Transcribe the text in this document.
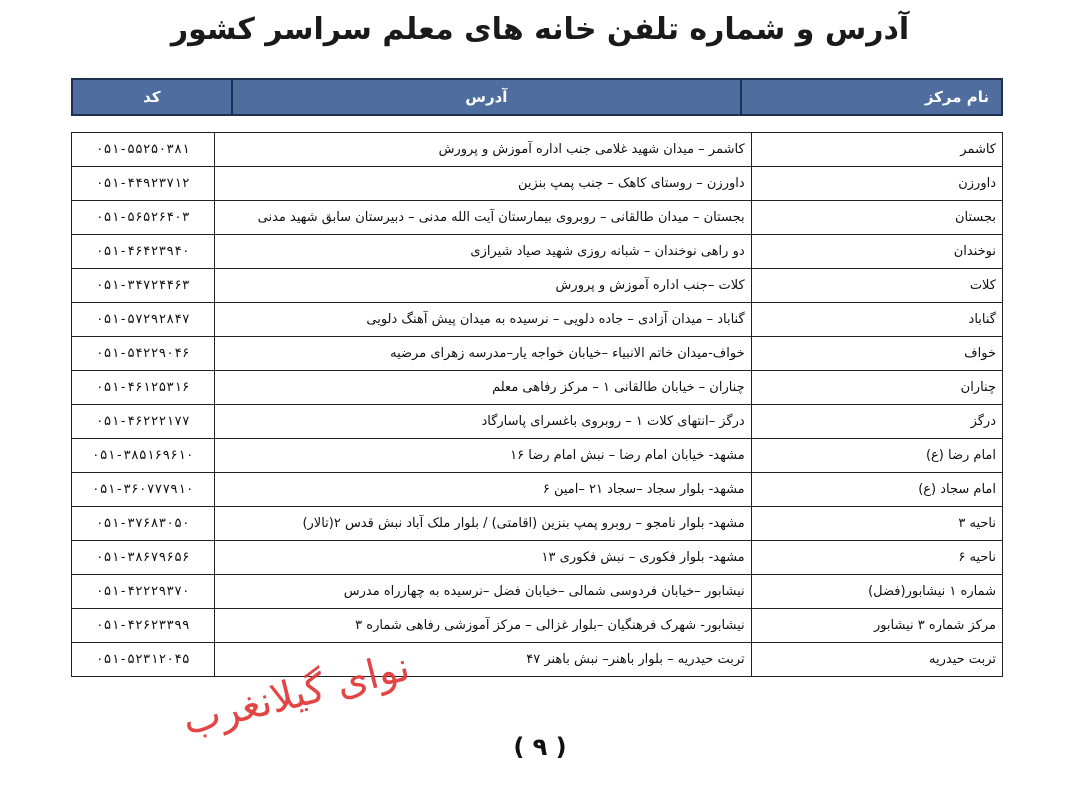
آدرس و شماره تلفن خانه های معلم سراسر کشور
نام مرکز	آدرس	کد
کاشمر	کاشمر – میدان شهید غلامی جنب اداره آموزش و پرورش	۰۵۱-۵۵۲۵۰۳۸۱
داورزن	داورزن – روستای کاهک – جنب پمپ بنزین	۰۵۱-۴۴۹۲۳۷۱۲
بجستان	بجستان – میدان طالقانی – روبروی بیمارستان آیت الله مدنی – دبیرستان سابق شهید مدنی	۰۵۱-۵۶۵۲۶۴۰۳
نوخندان	دو راهی نوخندان – شبانه روزی شهید صیاد شیرازی	۰۵۱-۴۶۴۲۳۹۴۰
کلات	کلات –جنب اداره آموزش و پرورش	۰۵۱-۳۴۷۲۴۴۶۳
گناباد	گناباد – میدان آزادی – جاده دلویی – نرسیده به میدان پیش آهنگ دلویی	۰۵۱-۵۷۲۹۲۸۴۷
خواف	خواف-میدان خاتم الانبیاء –خیابان خواجه یار–مدرسه زهرای مرضیه	۰۵۱-۵۴۲۲۹۰۴۶
چناران	چناران – خیابان طالقانی ۱ – مرکز رفاهی معلم	۰۵۱-۴۶۱۲۵۳۱۶
درگز	درگز –انتهای کلات ۱ – روبروی باغسرای پاسارگاد	۰۵۱-۴۶۲۲۲۱۷۷
امام رضا (ع)	مشهد- خیابان امام رضا – نبش امام رضا ۱۶	۰۵۱-۳۸۵۱۶۹۶۱۰
امام سجاد (ع)	مشهد- بلوار سجاد –سجاد ۲۱ –امین ۶	۰۵۱-۳۶۰۷۷۷۹۱۰
ناحیه ۳	مشهد- بلوار نامجو – روبرو پمپ بنزین (اقامتی) / بلوار ملک آباد نبش قدس ۲(تالار)	۰۵۱-۳۷۶۸۳۰۵۰
ناحیه ۶	مشهد- بلوار فکوری – نبش فکوری ۱۳	۰۵۱-۳۸۶۷۹۶۵۶
شماره ۱ نیشابور(فضل)	نیشابور –خیابان فردوسی شمالی –خیابان فضل –نرسیده به چهارراه مدرس	۰۵۱-۴۲۲۲۹۳۷۰
مرکز شماره ۳ نیشابور	نیشابور- شهرک فرهنگیان –بلوار غزالی – مرکز آموزشی رفاهی شماره ۳	۰۵۱-۴۲۶۲۳۳۹۹
تربت حیدریه	تربت حیدریه – بلوار باهنر– نبش باهنر ۴۷	۰۵۱-۵۲۳۱۲۰۴۵
نوای گیلانغرب
( ۹ )
